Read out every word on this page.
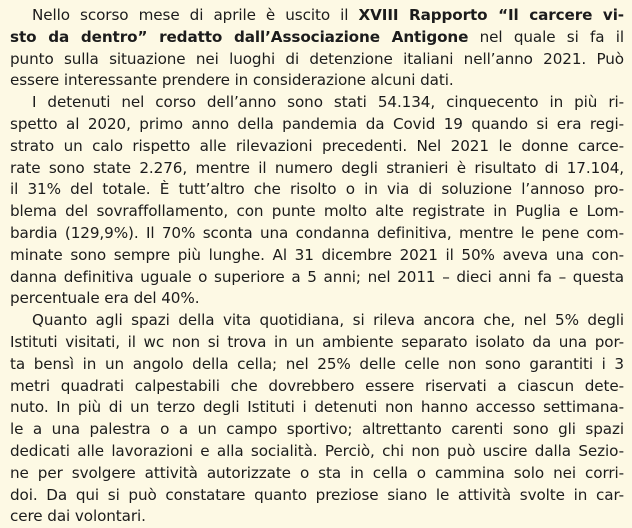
Nello scorso mese di aprile è uscito il XVIII Rapporto “Il carcere vi-
sto da dentro” redatto dall’Associazione Antigone nel quale si fa il
punto sulla situazione nei luoghi di detenzione italiani nell’anno 2021. Può
essere interessante prendere in considerazione alcuni dati.
I detenuti nel corso dell’anno sono stati 54.134, cinquecento in più ri-
spetto al 2020, primo anno della pandemia da Covid 19 quando si era regi-
strato un calo rispetto alle rilevazioni precedenti. Nel 2021 le donne carce-
rate sono state 2.276, mentre il numero degli stranieri è risultato di 17.104,
il 31% del totale. È tutt’altro che risolto o in via di soluzione l’annoso pro-
blema del sovraffollamento, con punte molto alte registrate in Puglia e Lom-
bardia (129,9%). Il 70% sconta una condanna definitiva, mentre le pene com-
minate sono sempre più lunghe. Al 31 dicembre 2021 il 50% aveva una con-
danna definitiva uguale o superiore a 5 anni; nel 2011 – dieci anni fa – questa
percentuale era del 40%.
Quanto agli spazi della vita quotidiana, si rileva ancora che, nel 5% degli
Istituti visitati, il wc non si trova in un ambiente separato isolato da una por-
ta bensì in un angolo della cella; nel 25% delle celle non sono garantiti i 3
metri quadrati calpestabili che dovrebbero essere riservati a ciascun dete-
nuto. In più di un terzo degli Istituti i detenuti non hanno accesso settimana-
le a una palestra o a un campo sportivo; altrettanto carenti sono gli spazi
dedicati alle lavorazioni e alla socialità. Perciò, chi non può uscire dalla Sezio-
ne per svolgere attività autorizzate o sta in cella o cammina solo nei corri-
doi. Da qui si può constatare quanto preziose siano le attività svolte in car-
cere dai volontari.
